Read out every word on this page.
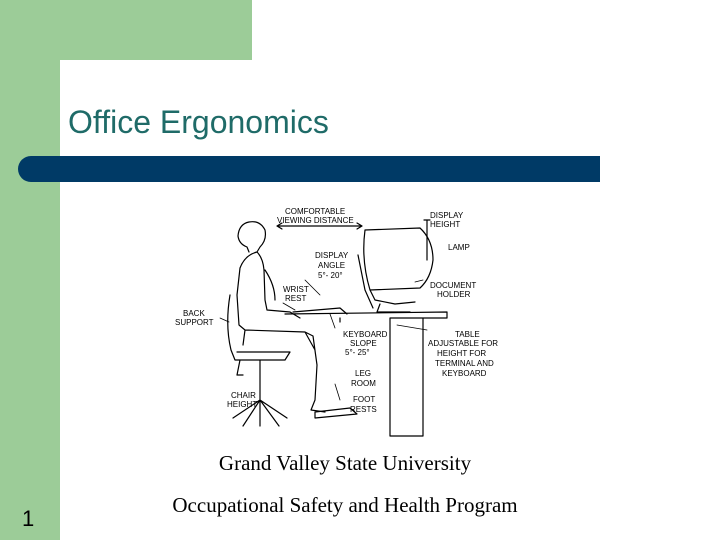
Office Ergonomics
COMFORTABLE
VIEWING DISTANCE
DISPLAY
HEIGHT
LAMP
DISPLAY
ANGLE
5°- 20°
DOCUMENT
HOLDER
WRIST
REST
BACK
SUPPORT
KEYBOARD
SLOPE
5°- 25°
TABLE
ADJUSTABLE FOR
HEIGHT FOR
TERMINAL AND
KEYBOARD
LEG
ROOM
CHAIR
HEIGHT
FOOT
RESTS

Grand Valley State University

Occupational Safety and Health Program

1
